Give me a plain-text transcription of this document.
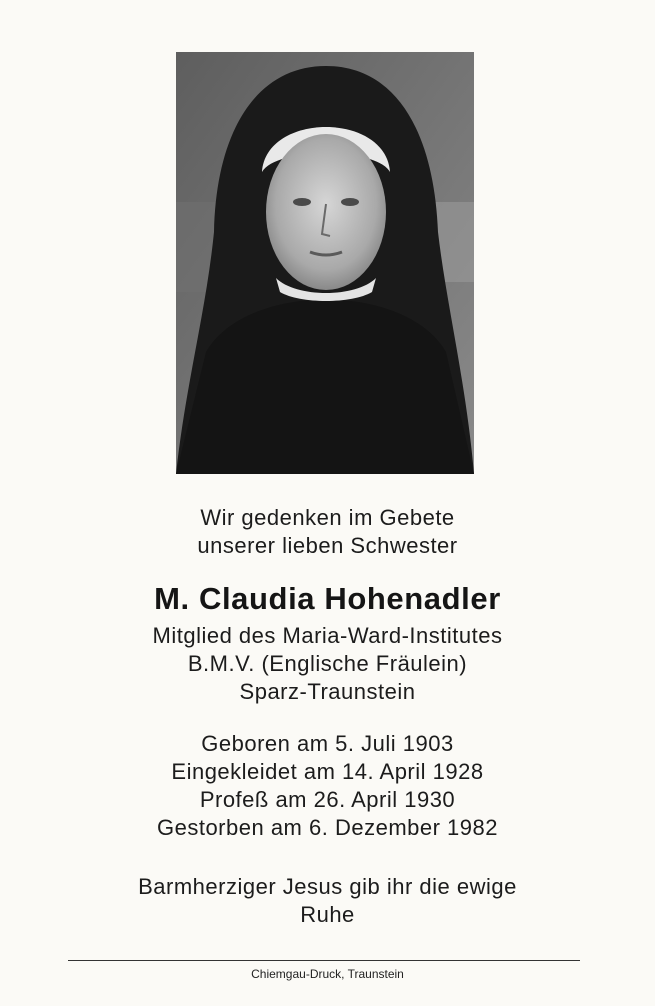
Wir gedenken im Gebete
unserer lieben Schwester
M. Claudia Hohenadler
Mitglied des Maria-Ward-Institutes
B.M.V. (Englische Fräulein)
Sparz-Traunstein
Geboren am 5. Juli 1903
Eingekleidet am 14. April 1928
Profeß am 26. April 1930
Gestorben am 6. Dezember 1982
Barmherziger Jesus gib ihr die ewige
Ruhe
Chiemgau-Druck, Traunstein
